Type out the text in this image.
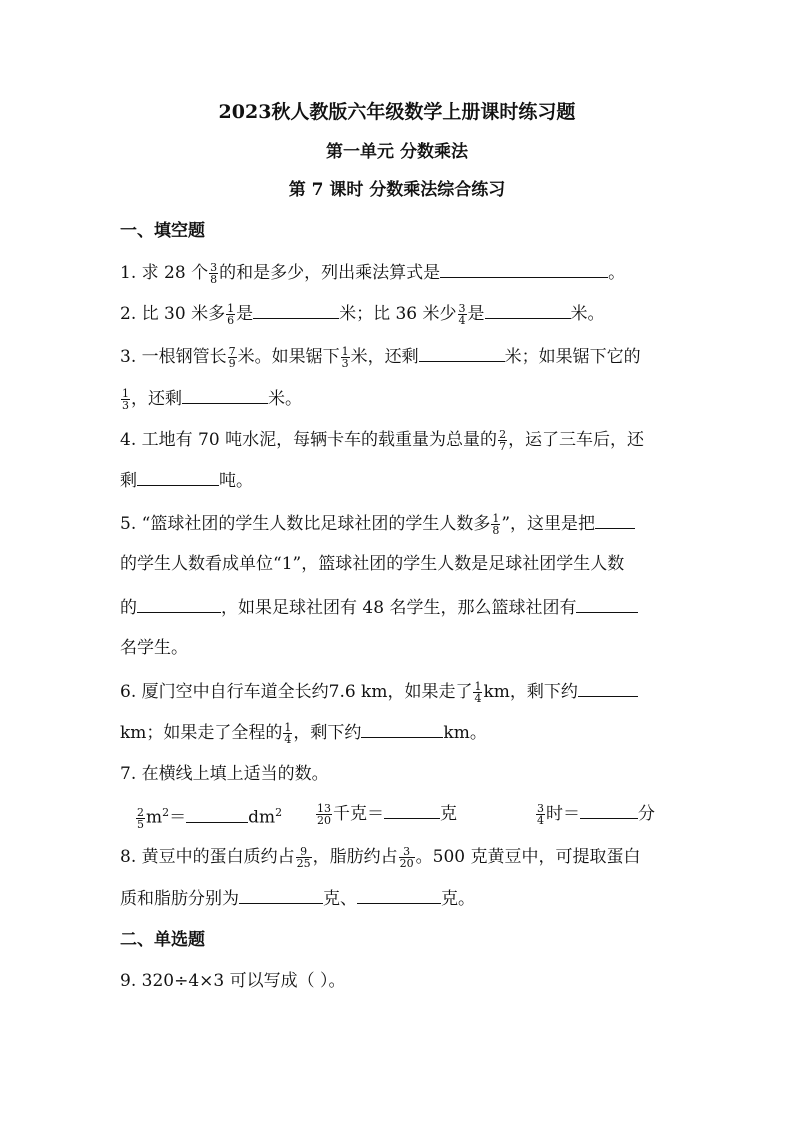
2023秋人教版六年级数学上册课时练习题
第一单元 分数乘法
第 7 课时 分数乘法综合练习
一、填空题
1. 求 28 个 $\frac{3}{8}$ 的和是多少，列出乘法算式是	。
2. 比 30 米多 $\frac{1}{6}$ 是	米；比 36 米少 $\frac{3}{4}$ 是	米。
3. 一根钢管长 $\frac{7}{9}$ 米。如果锯下 $\frac{1}{3}$ 米，还剩	米；如果锯下它的
$\frac{1}{3}$ ，还剩	米。
4. 工地有 70 吨水泥，每辆卡车的载重量为总量的 $\frac{2}{7}$ ，运了三车后，还
剩	吨。
5. “篮球社团的学生人数比足球社团的学生人数多 $\frac{1}{8}$ ”，这里是把
的学生人数看成单位“1”，篮球社团的学生人数是足球社团学生人数
的	，如果足球社团有 48 名学生，那么篮球社团有
名学生。
6. 厦门空中自行车道全长约7.6 km，如果走了 $\frac{1}{4}$ km，剩下约
km；如果走了全程的 $\frac{1}{4}$ ，剩下约	km。
7. 在横线上填上适当的数。
$\frac{2}{5} m^2=$	$dm^2$	$\frac{13}{20}$ 千克＝	克	$\frac{3}{4}$ 时＝	分
8. 黄豆中的蛋白质约占 $\frac{9}{25}$ ，脂肪约占 $\frac{3}{20}$ 。500 克黄豆中，可提取蛋白
质和脂肪分别为	克、	克。
二、单选题
9. 320÷4×3 可以写成（ ）。
